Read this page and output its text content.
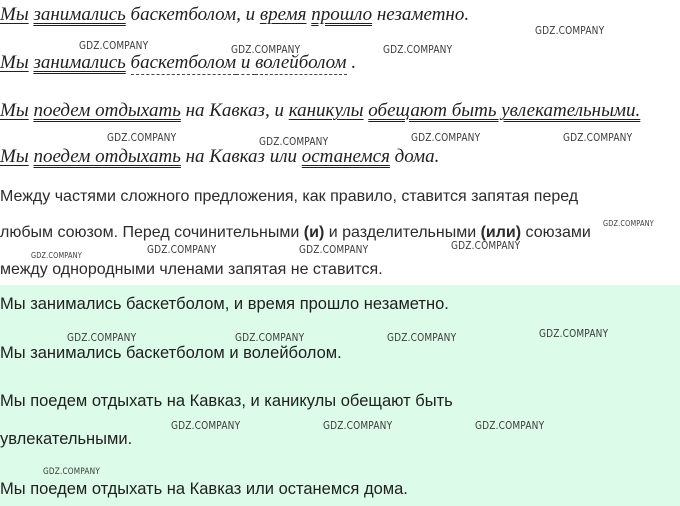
Мы занимались баскетболом, и время прошло незаметно.
Мы занимались баскетболом и волейболом .
Мы поедем отдыхать на Кавказ, и каникулы обещают быть увлекательными.
Мы поедем отдыхать на Кавказ или останемся дома.
Между частями сложного предложения, как правило, ставится запятая перед
любым союзом. Перед сочинительными (и) и разделительными (или) союзами
между однородными членами запятая не ставится.
Мы занимались баскетболом, и время прошло незаметно.
Мы занимались баскетболом и волейболом.
Мы поедем отдыхать на Кавказ, и каникулы обещают быть
увлекательными.
Мы поедем отдыхать на Кавказ или останемся дома.
GDZ.COMPANY
GDZ.COMPANY	GDZ.COMPANY	GDZ.COMPANY
GDZ.COMPANY	GDZ.COMPANY	GDZ.COMPANY	GDZ.COMPANY
GDZ.COMPANY
GDZ.COMPANY
GDZ.COMPANY	GDZ.COMPANY	GDZ.COMPANY
GDZ.COMPANY	GDZ.COMPANY	GDZ.COMPANY	GDZ.COMPANY
GDZ.COMPANY	GDZ.COMPANY	GDZ.COMPANY
GDZ.COMPANY
